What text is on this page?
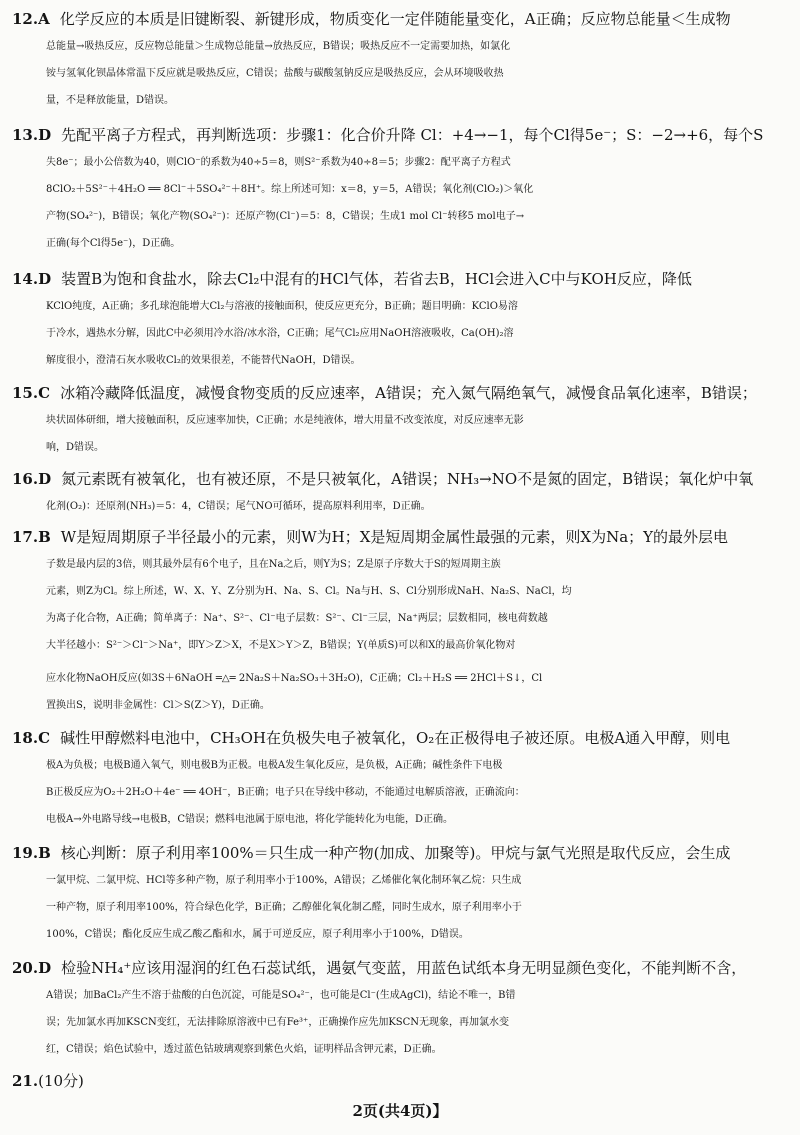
12.A 化学反应的本质是旧键断裂、新键形成，物质变化一定伴随能量变化，A正确；反应物总能量＜生成物
总能量→吸热反应，反应物总能量＞生成物总能量→放热反应，B错误；吸热反应不一定需要加热，如氯化
铵与氢氧化钡晶体常温下反应就是吸热反应，C错误；盐酸与碳酸氢钠反应是吸热反应，会从环境吸收热
量，不是释放能量，D错误。
13.D 先配平离子方程式，再判断选项：步骤1：化合价升降 Cl：+4→−1，每个Cl得5e⁻；S：−2→+6，每个S
失8e⁻；最小公倍数为40，则ClO⁻的系数为40÷5＝8，则S²⁻系数为40÷8＝5；步骤2：配平离子方程式
8ClO₂＋5S²⁻＋4H₂O ══ 8Cl⁻＋5SO₄²⁻＋8H⁺。综上所述可知：x＝8，y＝5，A错误；氧化剂(ClO₂)＞氧化
产物(SO₄²⁻)，B错误；氧化产物(SO₄²⁻)：还原产物(Cl⁻)＝5：8，C错误；生成1 mol Cl⁻转移5 mol电子→
正确(每个Cl得5e⁻)，D正确。
14.D 装置B为饱和食盐水，除去Cl₂中混有的HCl气体，若省去B，HCl会进入C中与KOH反应，降低
KClO纯度，A正确；多孔球泡能增大Cl₂与溶液的接触面积，使反应更充分，B正确；题目明确：KClO易溶
于冷水，遇热水分解，因此C中必须用冷水浴/冰水浴，C正确；尾气Cl₂应用NaOH溶液吸收，Ca(OH)₂溶
解度很小，澄清石灰水吸收Cl₂的效果很差，不能替代NaOH，D错误。
15.C 冰箱冷藏降低温度，减慢食物变质的反应速率，A错误；充入氮气隔绝氧气，减慢食品氧化速率，B错误；
块状固体研细，增大接触面积，反应速率加快，C正确；水是纯液体，增大用量不改变浓度，对反应速率无影
响，D错误。
16.D 氮元素既有被氧化，也有被还原，不是只被氧化，A错误；NH₃→NO不是氮的固定，B错误；氧化炉中氧
化剂(O₂)：还原剂(NH₃)＝5：4，C错误；尾气NO可循环，提高原料利用率，D正确。
17.B W是短周期原子半径最小的元素，则W为H；X是短周期金属性最强的元素，则X为Na；Y的最外层电
子数是最内层的3倍，则其最外层有6个电子，且在Na之后，则Y为S；Z是原子序数大于S的短周期主族
元素，则Z为Cl。综上所述，W、X、Y、Z分别为H、Na、S、Cl。Na与H、S、Cl分别形成NaH、Na₂S、NaCl，均
为离子化合物，A正确；简单离子：Na⁺、S²⁻、Cl⁻电子层数：S²⁻、Cl⁻三层，Na⁺两层；层数相同，核电荷数越
大半径越小：S²⁻＞Cl⁻＞Na⁺，即Y＞Z＞X，不是X＞Y＞Z，B错误；Y(单质S)可以和X的最高价氧化物对
应水化物NaOH反应(如3S＋6NaOH ═△═ 2Na₂S＋Na₂SO₃＋3H₂O)，C正确；Cl₂＋H₂S ══ 2HCl＋S↓，Cl
置换出S，说明非金属性：Cl＞S(Z＞Y)，D正确。
18.C 碱性甲醇燃料电池中，CH₃OH在负极失电子被氧化，O₂在正极得电子被还原。电极A通入甲醇，则电
极A为负极；电极B通入氧气，则电极B为正极。电极A发生氧化反应，是负极，A正确；碱性条件下电极
B正极反应为O₂＋2H₂O＋4e⁻ ══ 4OH⁻，B正确；电子只在导线中移动，不能通过电解质溶液，正确流向：
电极A→外电路导线→电极B，C错误；燃料电池属于原电池，将化学能转化为电能，D正确。
19.B 核心判断：原子利用率100%＝只生成一种产物(加成、加聚等)。甲烷与氯气光照是取代反应，会生成
一氯甲烷、二氯甲烷、HCl等多种产物，原子利用率小于100%，A错误；乙烯催化氧化制环氧乙烷：只生成
一种产物，原子利用率100%，符合绿色化学，B正确；乙醇催化氧化制乙醛，同时生成水，原子利用率小于
100%，C错误；酯化反应生成乙酸乙酯和水，属于可逆反应，原子利用率小于100%，D错误。
20.D 检验NH₄⁺应该用湿润的红色石蕊试纸，遇氨气变蓝，用蓝色试纸本身无明显颜色变化，不能判断不含，
A错误；加BaCl₂产生不溶于盐酸的白色沉淀，可能是SO₄²⁻，也可能是Cl⁻(生成AgCl)，结论不唯一，B错
误；先加氯水再加KSCN变红，无法排除原溶液中已有Fe³⁺，正确操作应先加KSCN无现象，再加氯水变
红，C错误；焰色试验中，透过蓝色钴玻璃观察到紫色火焰，证明样品含钾元素，D正确。
21.(10分)
2页(共4页)】
